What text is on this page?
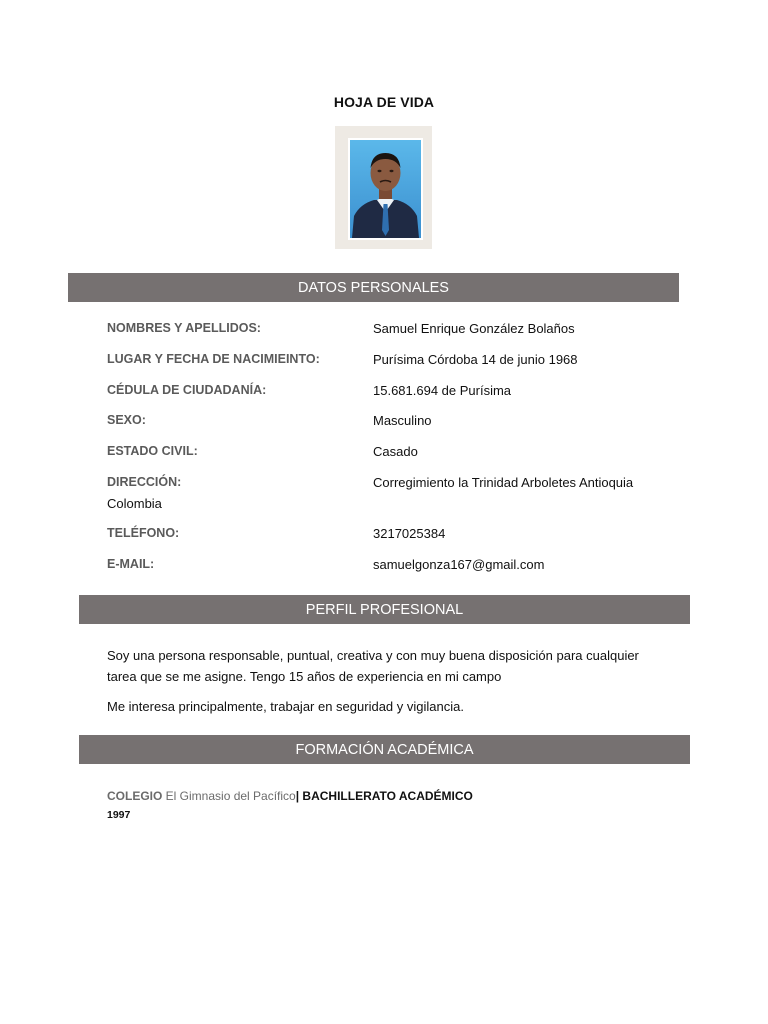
HOJA DE VIDA
DATOS PERSONALES
NOMBRES Y APELLIDOS:	Samuel Enrique González Bolaños
LUGAR Y FECHA DE NACIMIEINTO:	Purísima Córdoba 14 de junio 1968
CÉDULA DE CIUDADANÍA:	15.681.694 de Purísima
SEXO:	Masculino
ESTADO CIVIL:	Casado
DIRECCIÓN:	Corregimiento la Trinidad Arboletes Antioquia
Colombia
TELÉFONO:	3217025384
E-MAIL:	samuelgonza167@gmail.com
PERFIL PROFESIONAL
Soy una persona responsable, puntual, creativa y con muy buena disposición para cualquier tarea que se me asigne. Tengo 15 años de experiencia en mi campo
Me interesa principalmente, trabajar en seguridad y vigilancia.
FORMACIÓN ACADÉMICA
COLEGIO El Gimnasio del Pacífico| BACHILLERATO ACADÉMICO
1997
